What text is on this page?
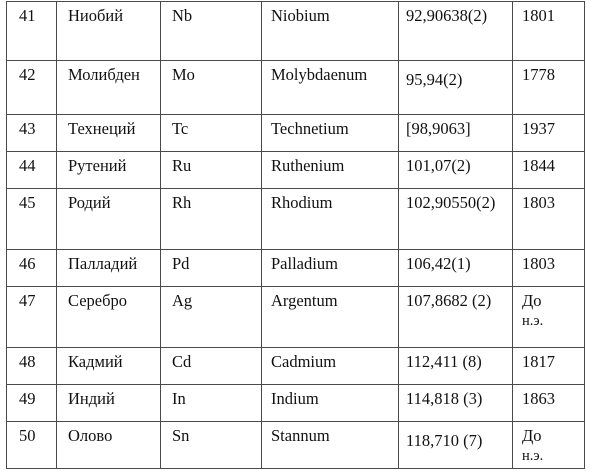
41	Ниобий	Nb	Niobium	92,90638(2)	1801
42	Молибден	Mo	Molybdaenum	95,94(2)	1778
43	Технеций	Tc	Technetium	[98,9063]	1937
44	Рутений	Ru	Ruthenium	101,07(2)	1844
45	Родий	Rh	Rhodium	102,90550(2)	1803
46	Палладий	Pd	Palladium	106,42(1)	1803
47	Серебро	Ag	Argentum	107,8682 (2)	До
н.э.

48	Кадмий	Cd	Cadmium	112,411 (8)	1817
49	Индий	In	Indium	114,818 (3)	1863
50	Олово	Sn	Stannum	118,710 (7)	До
н.э.
